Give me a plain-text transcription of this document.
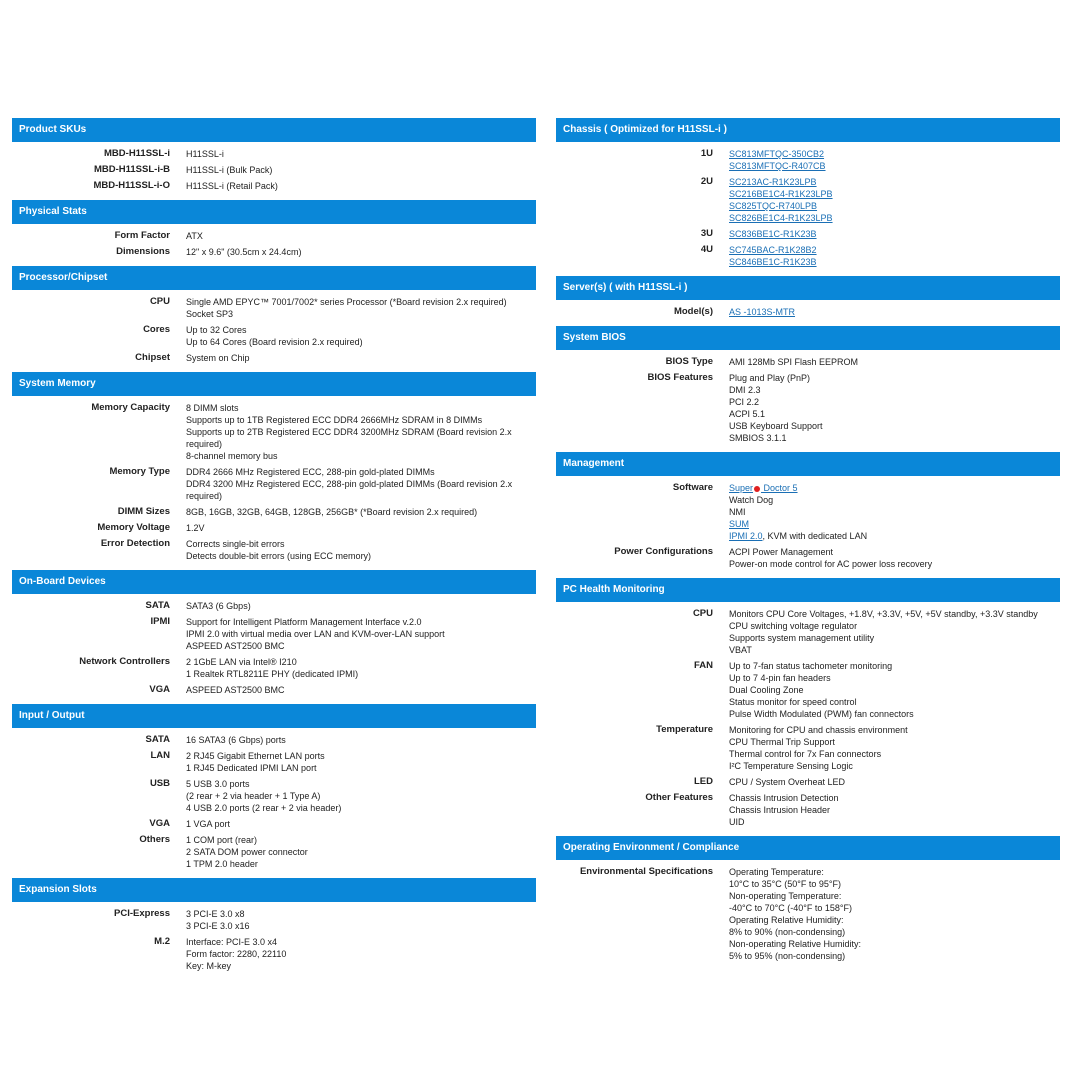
Product SKUs
MBD-H11SSL-i	H11SSL-i
MBD-H11SSL-i-B	H11SSL-i (Bulk Pack)
MBD-H11SSL-i-O	H11SSL-i (Retail Pack)
Physical Stats
Form Factor	ATX
Dimensions	12" x 9.6" (30.5cm x 24.4cm)
Processor/Chipset
CPU	Single AMD EPYC™ 7001/7002* series Processor (*Board revision 2.x required)
Socket SP3
Cores	Up to 32 Cores
Up to 64 Cores (Board revision 2.x required)
Chipset	System on Chip
System Memory
Memory Capacity	8 DIMM slots
Supports up to 1TB Registered ECC DDR4 2666MHz SDRAM in 8 DIMMs
Supports up to 2TB Registered ECC DDR4 3200MHz SDRAM (Board revision 2.x required)
8-channel memory bus
Memory Type	DDR4 2666 MHz Registered ECC, 288-pin gold-plated DIMMs
DDR4 3200 MHz Registered ECC, 288-pin gold-plated DIMMs (Board revision 2.x required)
DIMM Sizes	8GB, 16GB, 32GB, 64GB, 128GB, 256GB* (*Board revision 2.x required)
Memory Voltage	1.2V
Error Detection	Corrects single-bit errors
Detects double-bit errors (using ECC memory)
On-Board Devices
SATA	SATA3 (6 Gbps)
IPMI	Support for Intelligent Platform Management Interface v.2.0
IPMI 2.0 with virtual media over LAN and KVM-over-LAN support
ASPEED AST2500 BMC
Network Controllers	2 1GbE LAN via Intel® I210
1 Realtek RTL8211E PHY (dedicated IPMI)
VGA	ASPEED AST2500 BMC
Input / Output
SATA	16 SATA3 (6 Gbps) ports
LAN	2 RJ45 Gigabit Ethernet LAN ports
1 RJ45 Dedicated IPMI LAN port
USB	5 USB 3.0 ports
(2 rear + 2 via header + 1 Type A)
4 USB 2.0 ports (2 rear + 2 via header)
VGA	1 VGA port
Others	1 COM port (rear)
2 SATA DOM power connector
1 TPM 2.0 header
Expansion Slots
PCI-Express	3 PCI-E 3.0 x8
3 PCI-E 3.0 x16
M.2	Interface: PCI-E 3.0 x4
Form factor: 2280, 22110
Key: M-key
Chassis ( Optimized for H11SSL-i )
1U	SC813MFTQC-350CB2
SC813MFTQC-R407CB
2U	SC213AC-R1K23LPB
SC216BE1C4-R1K23LPB
SC825TQC-R740LPB
SC826BE1C4-R1K23LPB
3U	SC836BE1C-R1K23B
4U	SC745BAC-R1K28B2
SC846BE1C-R1K23B
Server(s) ( with H11SSL-i )
Model(s)	AS -1013S-MTR
System BIOS
BIOS Type	AMI 128Mb SPI Flash EEPROM
BIOS Features	Plug and Play (PnP)
DMI 2.3
PCI 2.2
ACPI 5.1
USB Keyboard Support
SMBIOS 3.1.1
Management
Software	Super Doctor 5
Watch Dog
NMI
SUM
IPMI 2.0, KVM with dedicated LAN
Power Configurations	ACPI Power Management
Power-on mode control for AC power loss recovery
PC Health Monitoring
CPU	Monitors CPU Core Voltages, +1.8V, +3.3V, +5V, +5V standby, +3.3V standby
CPU switching voltage regulator
Supports system management utility
VBAT
FAN	Up to 7-fan status tachometer monitoring
Up to 7 4-pin fan headers
Dual Cooling Zone
Status monitor for speed control
Pulse Width Modulated (PWM) fan connectors
Temperature	Monitoring for CPU and chassis environment
CPU Thermal Trip Support
Thermal control for 7x Fan connectors
I²C Temperature Sensing Logic
LED	CPU / System Overheat LED
Other Features	Chassis Intrusion Detection
Chassis Intrusion Header
UID
Operating Environment / Compliance
Environmental Specifications	Operating Temperature:
10°C to 35°C (50°F to 95°F)
Non-operating Temperature:
-40°C to 70°C (-40°F to 158°F)
Operating Relative Humidity:
8% to 90% (non-condensing)
Non-operating Relative Humidity:
5% to 95% (non-condensing)
